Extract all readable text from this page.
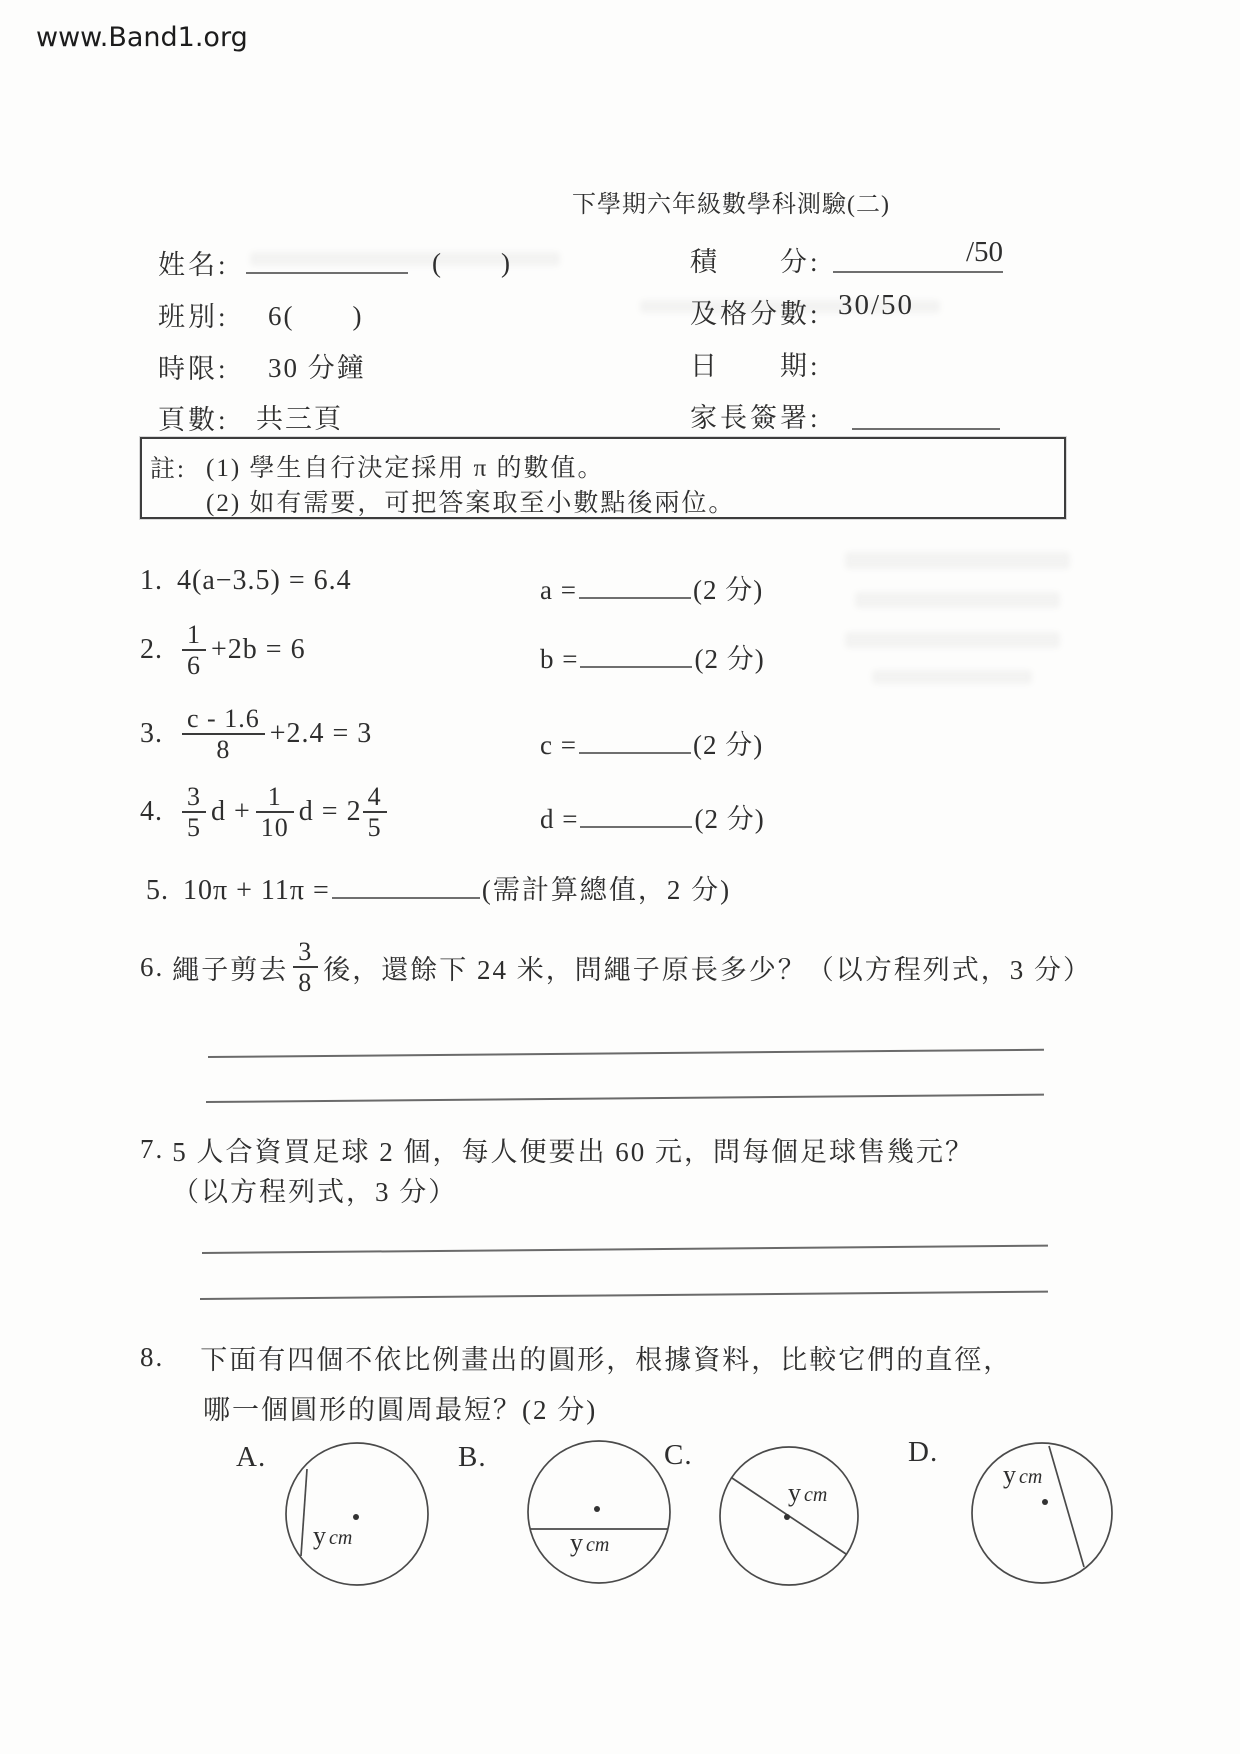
www.Band1.org
下學期六年級數學科測驗(二)
姓名:	(　　)
班別: 6(　　)
時限: 30 分鐘
頁數: 共三頁
積　　分:	/50
及格分數: 30/50
日　　期:
家長簽署:
註: (1) 學生自行決定採用 π 的數值。
(2) 如有需要，可把答案取至小數點後兩位。
1. 4(a−3.5) = 6.4	a =	(2 分)
2. $\frac{1}{6} +2b = 6$	b =	(2 分)
3. $\frac{c - 1.6}{8} +2.4 = 3$	c =	(2 分)
4. $\frac{3}{5}$ $d + \frac{1}{10}$ $d = 2 \frac{4}{5}$	d =	(2 分)
5. 10π + 11π =	(需計算總值，2 分)
6. 繩子剪去 $\frac{3}{8}$ 後，還餘下 24 米，問繩子原長多少？（以方程列式，3 分）
7. 5 人合資買足球 2 個，每人便要出 60 元，問每個足球售幾元？
（以方程列式，3 分）
8. 下面有四個不依比例畫出的圓形，根據資料，比較它們的直徑，
哪一個圓形的圓周最短？(2 分)
A.	B.	C.	D.
y cm	y cm
y cm
y cm
